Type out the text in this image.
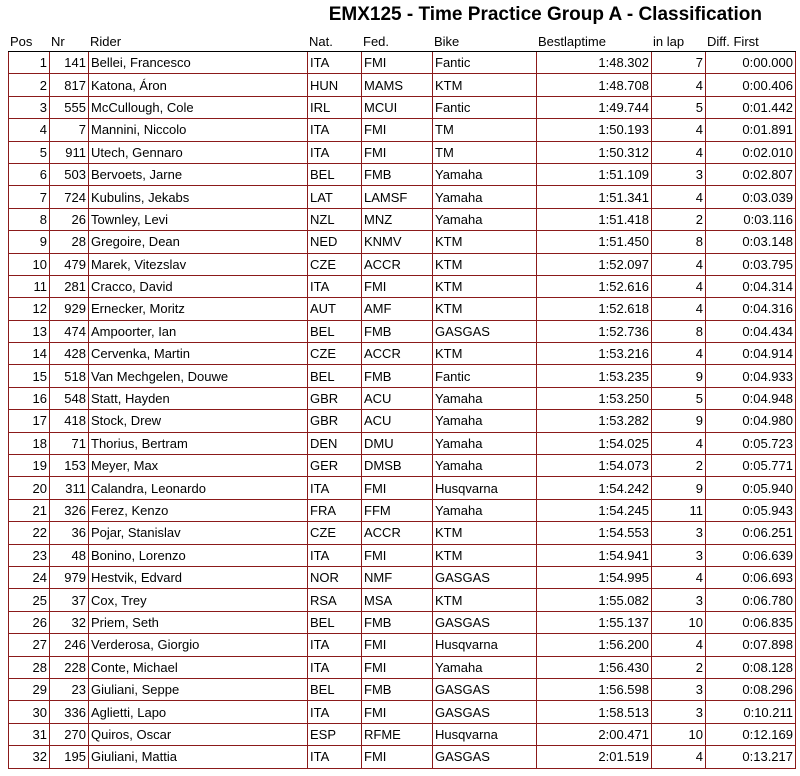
EMX125 - Time Practice Group A - Classification
Pos	Nr	Rider	Nat.	Fed.	Bike	Bestlaptime	in lap	Diff. First
1	141	Bellei, Francesco	ITA	FMI	Fantic	1:48.302	7	0:00.000
2	817	Katona, Áron	HUN	MAMS	KTM	1:48.708	4	0:00.406
3	555	McCullough, Cole	IRL	MCUI	Fantic	1:49.744	5	0:01.442
4	7	Mannini, Niccolo	ITA	FMI	TM	1:50.193	4	0:01.891
5	911	Utech, Gennaro	ITA	FMI	TM	1:50.312	4	0:02.010
6	503	Bervoets, Jarne	BEL	FMB	Yamaha	1:51.109	3	0:02.807
7	724	Kubulins, Jekabs	LAT	LAMSF	Yamaha	1:51.341	4	0:03.039
8	26	Townley, Levi	NZL	MNZ	Yamaha	1:51.418	2	0:03.116
9	28	Gregoire, Dean	NED	KNMV	KTM	1:51.450	8	0:03.148
10	479	Marek, Vitezslav	CZE	ACCR	KTM	1:52.097	4	0:03.795
11	281	Cracco, David	ITA	FMI	KTM	1:52.616	4	0:04.314
12	929	Ernecker, Moritz	AUT	AMF	KTM	1:52.618	4	0:04.316
13	474	Ampoorter, Ian	BEL	FMB	GASGAS	1:52.736	8	0:04.434
14	428	Cervenka, Martin	CZE	ACCR	KTM	1:53.216	4	0:04.914
15	518	Van Mechgelen, Douwe	BEL	FMB	Fantic	1:53.235	9	0:04.933
16	548	Statt, Hayden	GBR	ACU	Yamaha	1:53.250	5	0:04.948
17	418	Stock, Drew	GBR	ACU	Yamaha	1:53.282	9	0:04.980
18	71	Thorius, Bertram	DEN	DMU	Yamaha	1:54.025	4	0:05.723
19	153	Meyer, Max	GER	DMSB	Yamaha	1:54.073	2	0:05.771
20	311	Calandra, Leonardo	ITA	FMI	Husqvarna	1:54.242	9	0:05.940
21	326	Ferez, Kenzo	FRA	FFM	Yamaha	1:54.245	11	0:05.943
22	36	Pojar, Stanislav	CZE	ACCR	KTM	1:54.553	3	0:06.251
23	48	Bonino, Lorenzo	ITA	FMI	KTM	1:54.941	3	0:06.639
24	979	Hestvik, Edvard	NOR	NMF	GASGAS	1:54.995	4	0:06.693
25	37	Cox, Trey	RSA	MSA	KTM	1:55.082	3	0:06.780
26	32	Priem, Seth	BEL	FMB	GASGAS	1:55.137	10	0:06.835
27	246	Verderosa, Giorgio	ITA	FMI	Husqvarna	1:56.200	4	0:07.898
28	228	Conte, Michael	ITA	FMI	Yamaha	1:56.430	2	0:08.128
29	23	Giuliani, Seppe	BEL	FMB	GASGAS	1:56.598	3	0:08.296
30	336	Aglietti, Lapo	ITA	FMI	GASGAS	1:58.513	3	0:10.211
31	270	Quiros, Oscar	ESP	RFME	Husqvarna	2:00.471	10	0:12.169
32	195	Giuliani, Mattia	ITA	FMI	GASGAS	2:01.519	4	0:13.217
